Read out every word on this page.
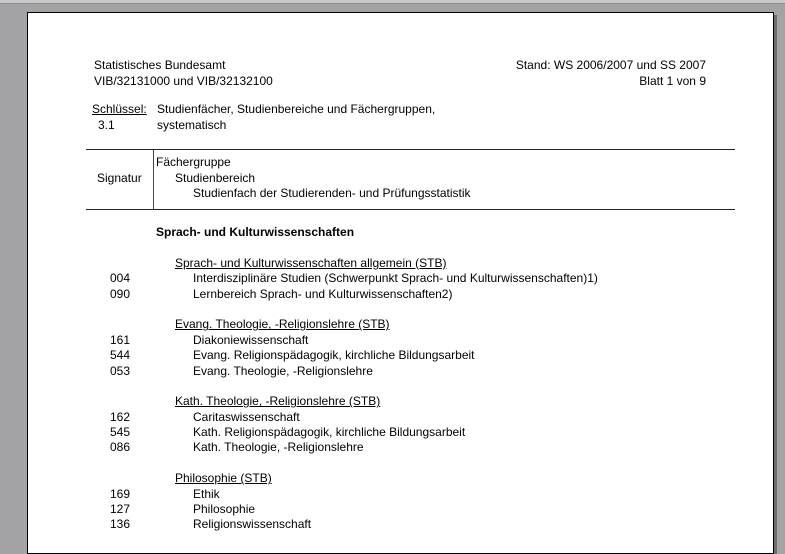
Statistisches Bundesamt
VIB/32131000 und VIB/32132100
Stand: WS 2006/2007 und SS 2007
Blatt 1 von 9
Schlüssel:
3.1
Studienfächer, Studienbereiche und Fächergruppen,
systematisch
Signatur
Fächergruppe
Studienbereich
Studienfach der Studierenden- und Prüfungsstatistik
Sprach- und Kulturwissenschaften
Sprach- und Kulturwissenschaften allgemein (STB)
004	Interdisziplinäre Studien (Schwerpunkt Sprach- und Kulturwissenschaften)1)
090	Lernbereich Sprach- und Kulturwissenschaften2)
Evang. Theologie, -Religionslehre (STB)
161	Diakoniewissenschaft
544	Evang. Religionspädagogik, kirchliche Bildungsarbeit
053	Evang. Theologie, -Religionslehre
Kath. Theologie, -Religionslehre (STB)
162	Caritaswissenschaft
545	Kath. Religionspädagogik, kirchliche Bildungsarbeit
086	Kath. Theologie, -Religionslehre
Philosophie (STB)
169	Ethik
127	Philosophie
136	Religionswissenschaft
